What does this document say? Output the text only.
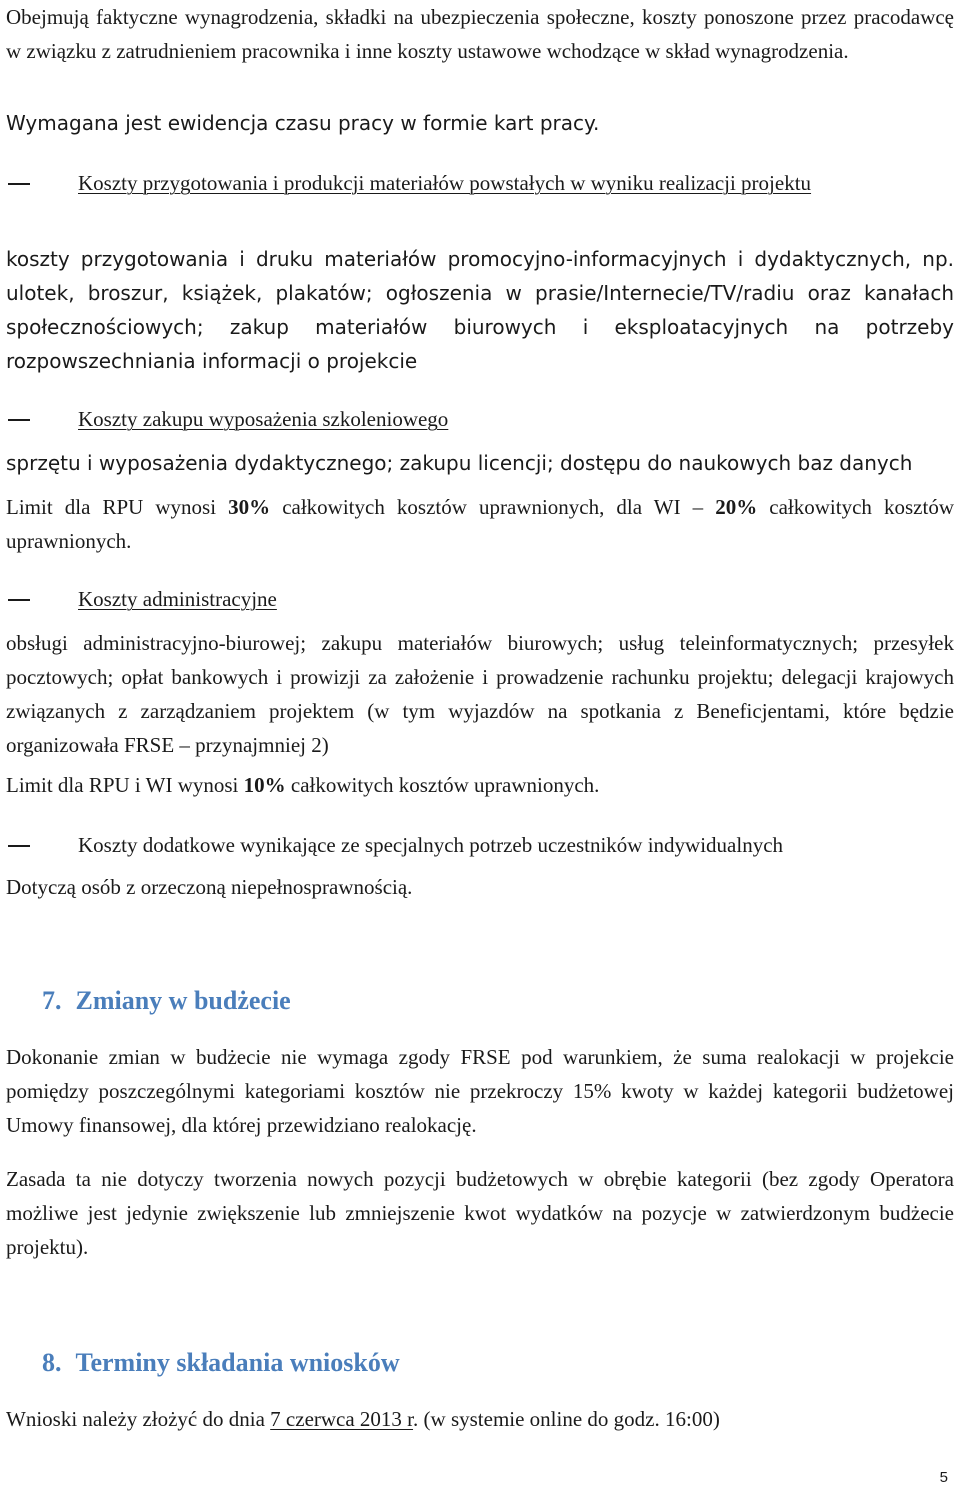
Obejmują faktyczne wynagrodzenia, składki na ubezpieczenia społeczne, koszty ponoszone przez pracodawcę w związku z zatrudnieniem pracownika i inne koszty ustawowe wchodzące w skład wynagrodzenia.

Wymagana jest ewidencja czasu pracy w formie kart pracy.

Koszty przygotowania i produkcji materiałów powstałych w wyniku realizacji projektu

koszty przygotowania i druku materiałów promocyjno-informacyjnych i dydaktycznych, np. ulotek, broszur, książek, plakatów; ogłoszenia w prasie/Internecie/TV/radiu oraz kanałach społecznościowych; zakup materiałów biurowych i eksploatacyjnych na potrzeby rozpowszechniania informacji o projekcie

Koszty zakupu wyposażenia szkoleniowego

sprzętu i wyposażenia dydaktycznego; zakupu licencji; dostępu do naukowych baz danych

Limit dla RPU wynosi 30% całkowitych kosztów uprawnionych, dla WI – 20% całkowitych kosztów uprawnionych.

Koszty administracyjne

obsługi administracyjno-biurowej; zakupu materiałów biurowych; usług teleinformatycznych; przesyłek pocztowych; opłat bankowych i prowizji za założenie i prowadzenie rachunku projektu; delegacji krajowych związanych z zarządzaniem projektem (w tym wyjazdów na spotkania z Beneficjentami, które będzie organizowała FRSE – przynajmniej 2)

Limit dla RPU i WI wynosi 10% całkowitych kosztów uprawnionych.

Koszty dodatkowe wynikające ze specjalnych potrzeb uczestników indywidualnych

Dotyczą osób z orzeczoną niepełnosprawnością.

7. Zmiany w budżecie

Dokonanie zmian w budżecie nie wymaga zgody FRSE pod warunkiem, że suma realokacji w projekcie pomiędzy poszczególnymi kategoriami kosztów nie przekroczy 15% kwoty w każdej kategorii budżetowej Umowy finansowej, dla której przewidziano realokację.

Zasada ta nie dotyczy tworzenia nowych pozycji budżetowych w obrębie kategorii (bez zgody Operatora możliwe jest jedynie zwiększenie lub zmniejszenie kwot wydatków na pozycje w zatwierdzonym budżecie projektu).

8. Terminy składania wniosków

Wnioski należy złożyć do dnia 7 czerwca 2013 r. (w systemie online do godz. 16:00)

5
